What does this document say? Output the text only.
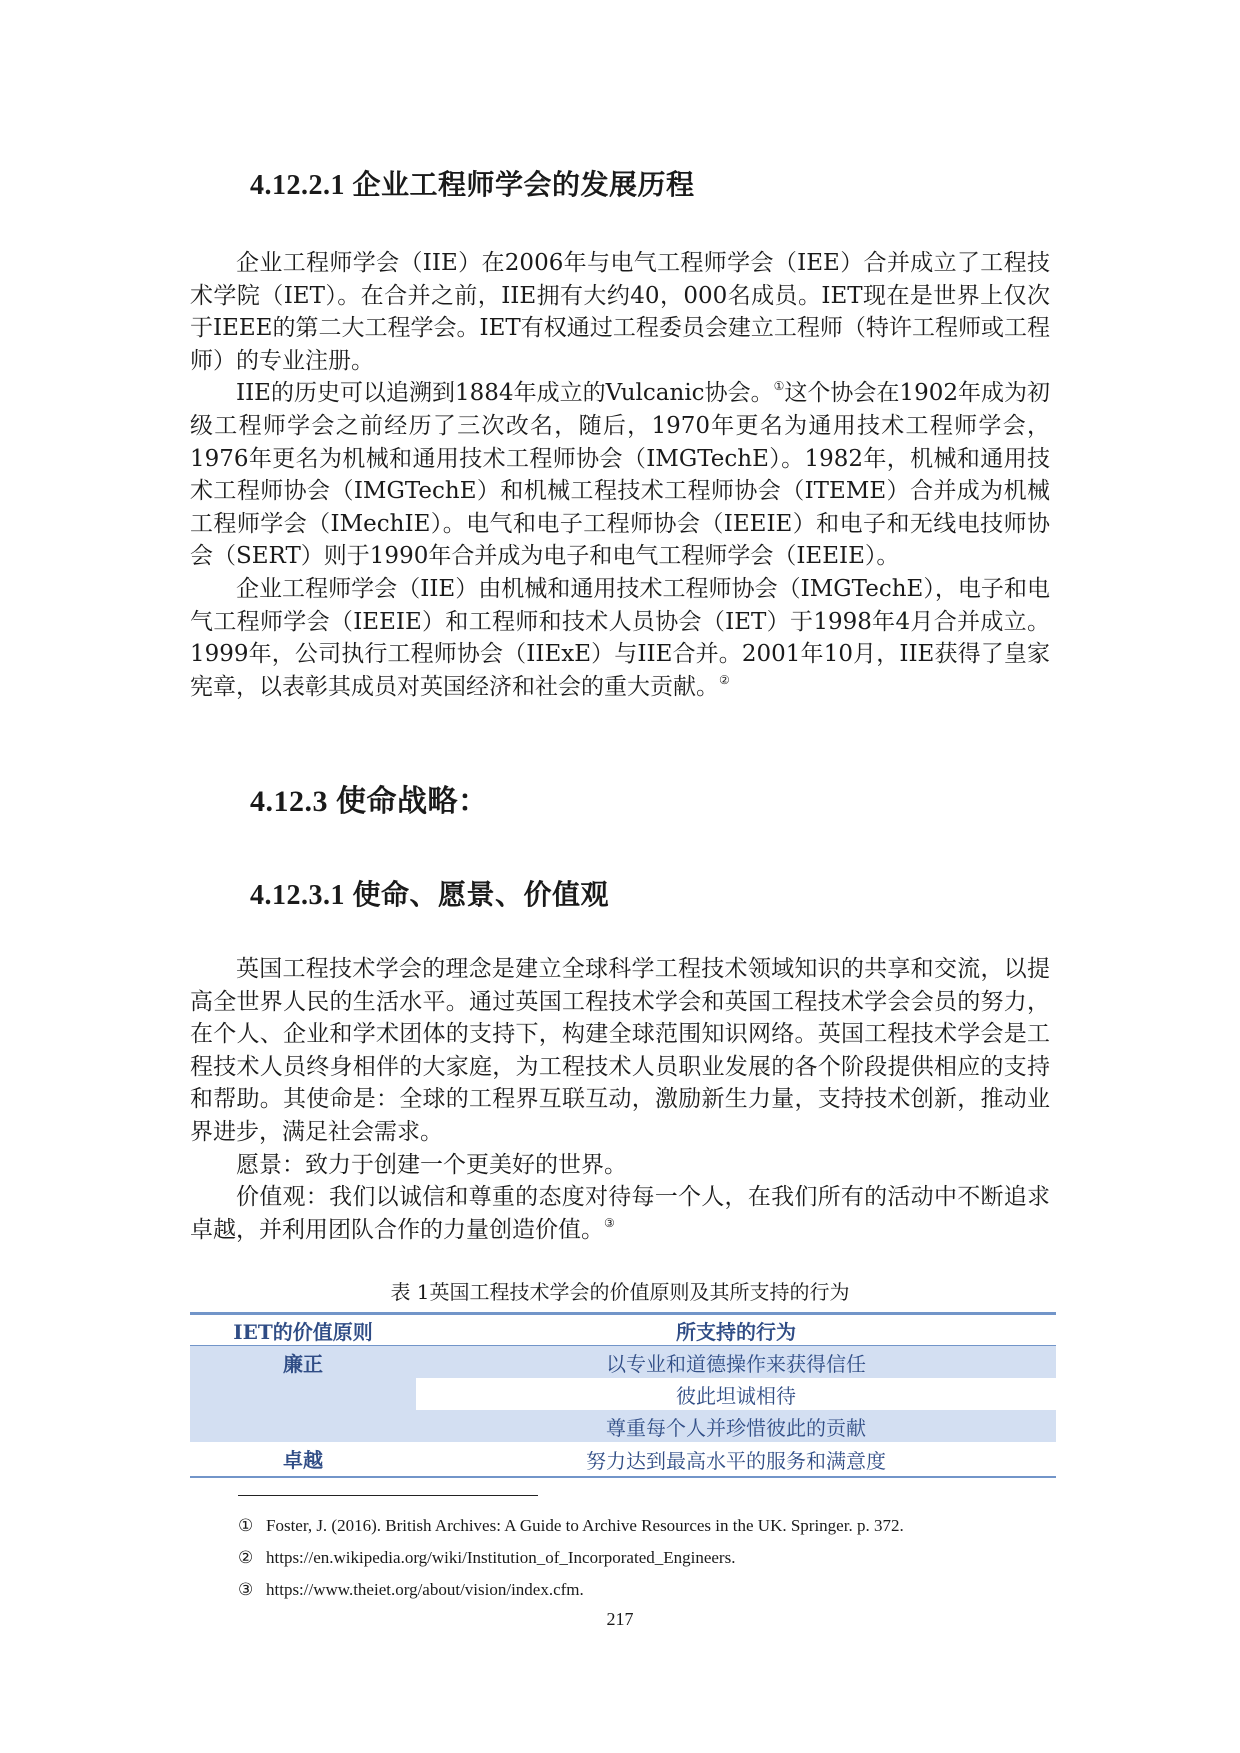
4.12.2.1 企业工程师学会的发展历程

企业工程师学会（IIE）在2006年与电气工程师学会（IEE）合并成立了工程技术学院（IET）。在合并之前，IIE拥有大约40，000名成员。IET现在是世界上仅次于IEEE的第二大工程学会。IET有权通过工程委员会建立工程师（特许工程师或工程师）的专业注册。

IIE的历史可以追溯到1884年成立的Vulcanic协会。①这个协会在1902年成为初级工程师学会之前经历了三次改名，随后，1970年更名为通用技术工程师学会，1976年更名为机械和通用技术工程师协会（IMGTechE）。1982年，机械和通用技术工程师协会（IMGTechE）和机械工程技术工程师协会（ITEME）合并成为机械工程师学会（IMechIE）。电气和电子工程师协会（IEEIE）和电子和无线电技师协会（SERT）则于1990年合并成为电子和电气工程师学会（IEEIE）。

企业工程师学会（IIE）由机械和通用技术工程师协会（IMGTechE），电子和电气工程师学会（IEEIE）和工程师和技术人员协会（IET）于1998年4月合并成立。1999年，公司执行工程师协会（IIExE）与IIE合并。2001年10月，IIE获得了皇家宪章，以表彰其成员对英国经济和社会的重大贡献。②

4.12.3 使命战略：
4.12.3.1 使命、愿景、价值观

英国工程技术学会的理念是建立全球科学工程技术领域知识的共享和交流，以提高全世界人民的生活水平。通过英国工程技术学会和英国工程技术学会会员的努力，在个人、企业和学术团体的支持下，构建全球范围知识网络。英国工程技术学会是工程技术人员终身相伴的大家庭，为工程技术人员职业发展的各个阶段提供相应的支持和帮助。其使命是：全球的工程界互联互动，激励新生力量，支持技术创新，推动业界进步，满足社会需求。

愿景：致力于创建一个更美好的世界。

价值观：我们以诚信和尊重的态度对待每一个人，在我们所有的活动中不断追求卓越，并利用团队合作的力量创造价值。③

表 1英国工程技术学会的价值原则及其所支持的行为
IET的价值原则	所支持的行为
廉正	以专业和道德操作来获得信任
	彼此坦诚相待
	尊重每个人并珍惜彼此的贡献
卓越	努力达到最高水平的服务和满意度
① Foster, J. (2016). British Archives: A Guide to Archive Resources in the UK. Springer. p. 372.
② https://en.wikipedia.org/wiki/Institution_of_Incorporated_Engineers.
③ https://www.theiet.org/about/vision/index.cfm.
217
